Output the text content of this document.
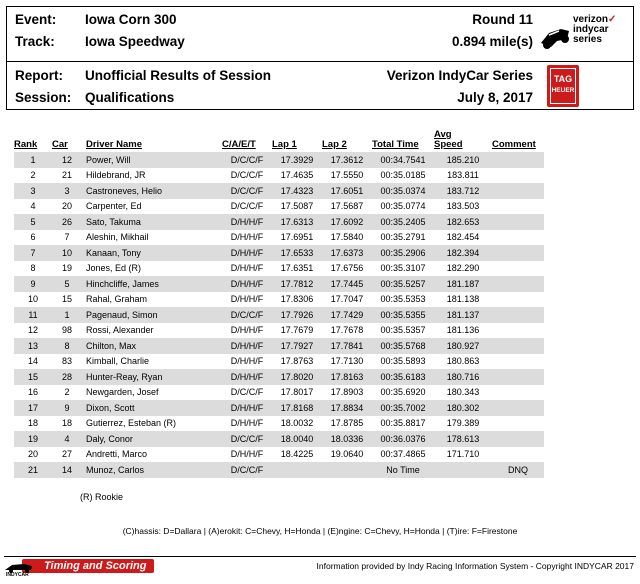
Event: Iowa Corn 300	Round 11
Track: Iowa Speedway	0.894 mile(s)
Report: Unofficial Results of Session	Verizon IndyCar Series
Session: Qualifications	July 8, 2017
verizon✓
indycar
series
TAG
HEUER
Rank	Car	Driver Name	C/A/E/T	Lap 1	Lap 2	Total Time	Avg
Speed	Comment
1	12	Power, Will	D/C/C/F	17.3929	17.3612	00:34.7541	185.210	
2	21	Hildebrand, JR	D/C/C/F	17.4635	17.5550	00:35.0185	183.811	
3	3	Castroneves, Helio	D/C/C/F	17.4323	17.6051	00:35.0374	183.712	
4	20	Carpenter, Ed	D/C/C/F	17.5087	17.5687	00:35.0774	183.503	
5	26	Sato, Takuma	D/H/H/F	17.6313	17.6092	00:35.2405	182.653	
6	7	Aleshin, Mikhail	D/H/H/F	17.6951	17.5840	00:35.2791	182.454	
7	10	Kanaan, Tony	D/H/H/F	17.6533	17.6373	00:35.2906	182.394	
8	19	Jones, Ed (R)	D/H/H/F	17.6351	17.6756	00:35.3107	182.290	
9	5	Hinchcliffe, James	D/H/H/F	17.7812	17.7445	00:35.5257	181.187	
10	15	Rahal, Graham	D/H/H/F	17.8306	17.7047	00:35.5353	181.138	
11	1	Pagenaud, Simon	D/C/C/F	17.7926	17.7429	00:35.5355	181.137	
12	98	Rossi, Alexander	D/H/H/F	17.7679	17.7678	00:35.5357	181.136	
13	8	Chilton, Max	D/H/H/F	17.7927	17.7841	00:35.5768	180.927	
14	83	Kimball, Charlie	D/H/H/F	17.8763	17.7130	00:35.5893	180.863	
15	28	Hunter-Reay, Ryan	D/H/H/F	17.8020	17.8163	00:35.6183	180.716	
16	2	Newgarden, Josef	D/C/C/F	17.8017	17.8903	00:35.6920	180.343	
17	9	Dixon, Scott	D/H/H/F	17.8168	17.8834	00:35.7002	180.302	
18	18	Gutierrez, Esteban (R)	D/H/H/F	18.0032	17.8785	00:35.8817	179.389	
19	4	Daly, Conor	D/C/C/F	18.0040	18.0336	00:36.0376	178.613	
20	27	Andretti, Marco	D/H/H/F	18.4225	19.0640	00:37.4865	171.710	
21	14	Munoz, Carlos	D/C/C/F			No Time		DNQ
(R) Rookie
(C)hassis: D=Dallara | (A)erokit: C=Chevy, H=Honda | (E)ngine: C=Chevy, H=Honda | (T)ire: F=Firestone
Timing and Scoring
INDYCAR
Information provided by Indy Racing Information System - Copyright INDYCAR 2017
